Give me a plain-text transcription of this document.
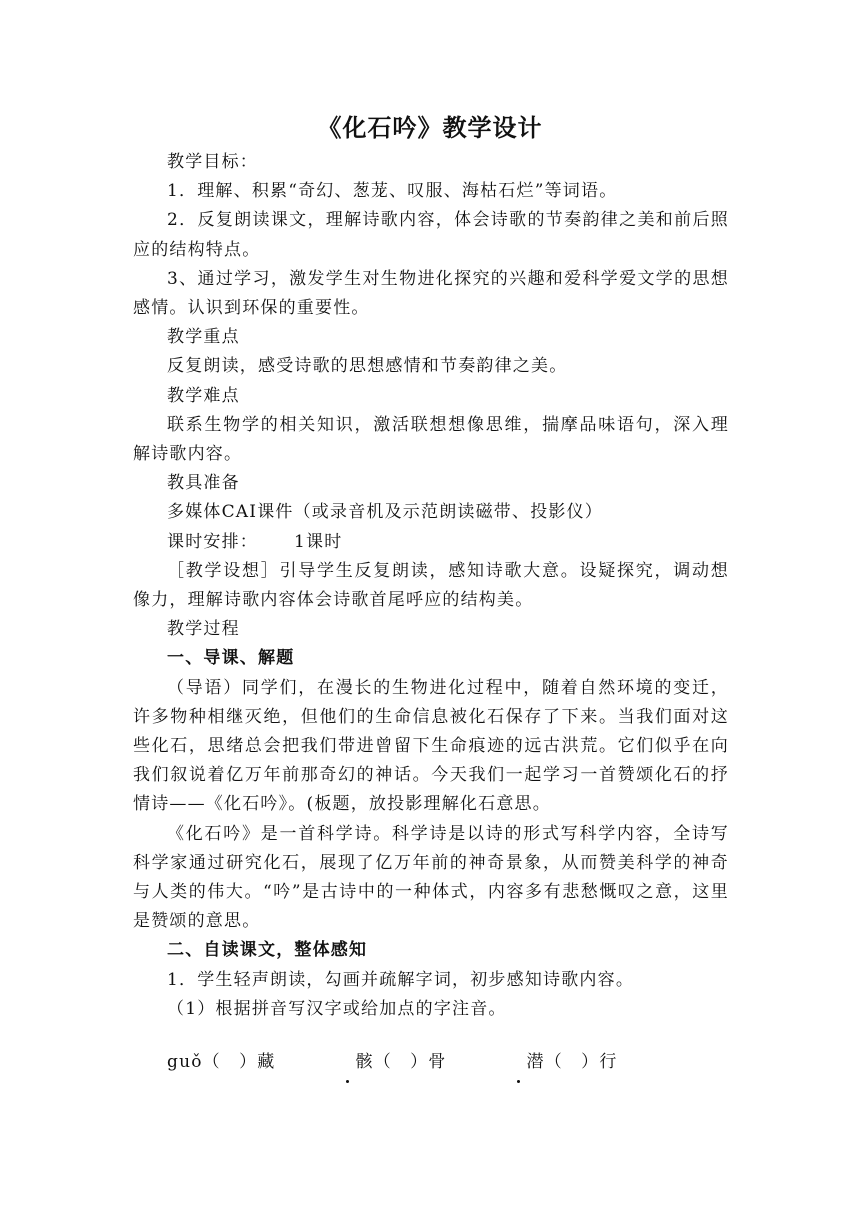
《化石吟》教学设计

教学目标：

1．理解、积累“奇幻、葱茏、叹服、海枯石烂”等词语。

2．反复朗读课文，理解诗歌内容，体会诗歌的节奏韵律之美和前后照应的结构特点。

3、通过学习，激发学生对生物进化探究的兴趣和爱科学爱文学的思想感情。认识到环保的重要性。

教学重点

反复朗读，感受诗歌的思想感情和节奏韵律之美。

教学难点

联系生物学的相关知识，激活联想想像思维，揣摩品味语句，深入理解诗歌内容。

教具准备

多媒体CAI课件（或录音机及示范朗读磁带、投影仪）

课时安排： 1课时

［教学设想］引导学生反复朗读，感知诗歌大意。设疑探究，调动想像力，理解诗歌内容体会诗歌首尾呼应的结构美。

教学过程

一、导课、解题

（导语）同学们，在漫长的生物进化过程中，随着自然环境的变迁，许多物种相继灭绝，但他们的生命信息被化石保存了下来。当我们面对这些化石，思绪总会把我们带进曾留下生命痕迹的远古洪荒。它们似乎在向我们叙说着亿万年前那奇幻的神话。今天我们一起学习一首赞颂化石的抒情诗——《化石吟》。(板题，放投影理解化石意思。

《化石吟》是一首科学诗。科学诗是以诗的形式写科学内容，全诗写科学家通过研究化石，展现了亿万年前的神奇景象，从而赞美科学的神奇与人类的伟大。“吟”是古诗中的一种体式，内容多有悲愁慨叹之意，这里是赞颂的意思。

二、自读课文，整体感知

1．学生轻声朗读，勾画并疏解字词，初步感知诗歌内容。

（1）根据拼音写汉字或给加点的字注音。

guǒ（　）藏	骸（　）骨	潜（　）行
